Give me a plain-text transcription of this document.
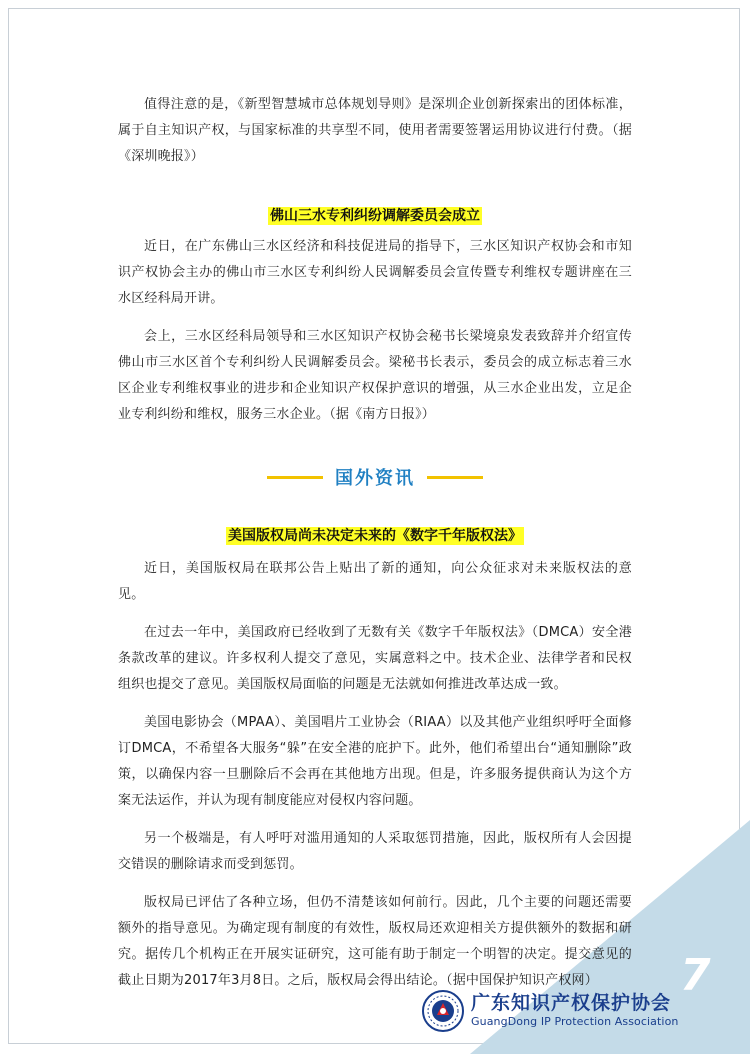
值得注意的是，《新型智慧城市总体规划导则》是深圳企业创新探索出的团体标准，属于自主知识产权，与国家标准的共享型不同，使用者需要签署运用协议进行付费。（据《深圳晚报》）

佛山三水专利纠纷调解委员会成立

近日，在广东佛山三水区经济和科技促进局的指导下，三水区知识产权协会和市知识产权协会主办的佛山市三水区专利纠纷人民调解委员会宣传暨专利维权专题讲座在三水区经科局开讲。

会上，三水区经科局领导和三水区知识产权协会秘书长梁境泉发表致辞并介绍宣传佛山市三水区首个专利纠纷人民调解委员会。梁秘书长表示，委员会的成立标志着三水区企业专利维权事业的进步和企业知识产权保护意识的增强，从三水企业出发，立足企业专利纠纷和维权，服务三水企业。（据《南方日报》）

国外资讯
美国版权局尚未决定未来的《数字千年版权法》

近日，美国版权局在联邦公告上贴出了新的通知，向公众征求对未来版权法的意见。

在过去一年中，美国政府已经收到了无数有关《数字千年版权法》（DMCA）安全港条款改革的建议。许多权利人提交了意见，实属意料之中。技术企业、法律学者和民权组织也提交了意见。美国版权局面临的问题是无法就如何推进改革达成一致。

美国电影协会（MPAA）、美国唱片工业协会（RIAA）以及其他产业组织呼吁全面修订DMCA，不希望各大服务“躲”在安全港的庇护下。此外，他们希望出台“通知删除”政策，以确保内容一旦删除后不会再在其他地方出现。但是，许多服务提供商认为这个方案无法运作，并认为现有制度能应对侵权内容问题。

另一个极端是，有人呼吁对滥用通知的人采取惩罚措施，因此，版权所有人会因提交错误的删除请求而受到惩罚。

版权局已评估了各种立场，但仍不清楚该如何前行。因此，几个主要的问题还需要额外的指导意见。为确定现有制度的有效性，版权局还欢迎相关方提供额外的数据和研究。据传几个机构正在开展实证研究，这可能有助于制定一个明智的决定。提交意见的截止日期为2017年3月8日。之后，版权局会得出结论。（据中国保护知识产权网）

广东知识产权保护协会
GuangDong IP Protection Association
7
